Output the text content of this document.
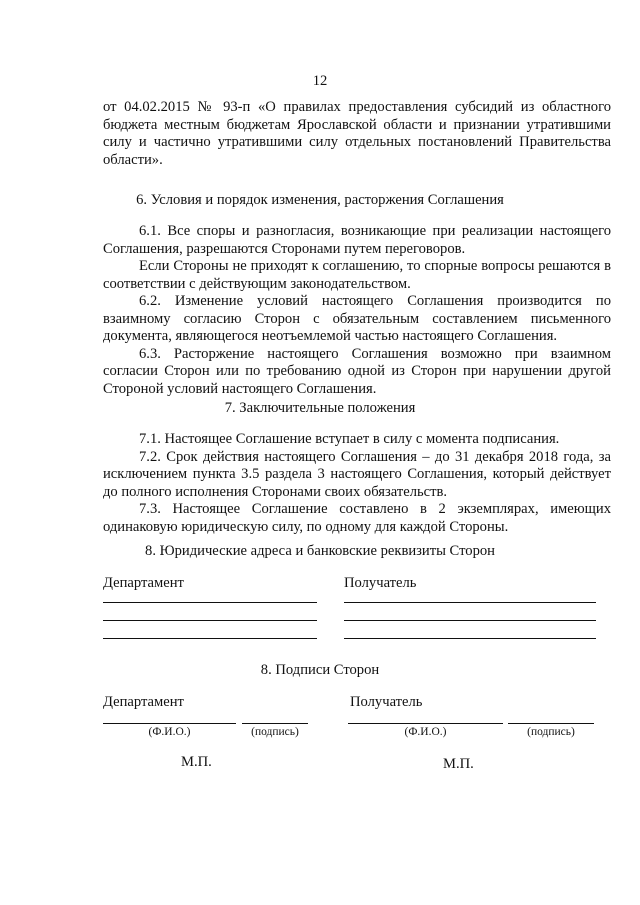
12

от 04.02.2015 № 93-п «О правилах предоставления субсидий из областного бюджета местным бюджетам Ярославской области и признании утратившими силу и частично утратившими силу отдельных постановлений Правительства области».

6. Условия и порядок изменения, расторжения Соглашения

6.1. Все споры и разногласия, возникающие при реализации настоящего Соглашения, разрешаются Сторонами путем переговоров.

Если Стороны не приходят к соглашению, то спорные вопросы решаются в соответствии с действующим законодательством.

6.2. Изменение условий настоящего Соглашения производится по взаимному согласию Сторон с обязательным составлением письменного документа, являющегося неотъемлемой частью настоящего Соглашения.

6.3. Расторжение настоящего Соглашения возможно при взаимном согласии Сторон или по требованию одной из Сторон при нарушении другой Стороной условий настоящего Соглашения.

7. Заключительные положения

7.1. Настоящее Соглашение вступает в силу с момента подписания.

7.2. Срок действия настоящего Соглашения – до 31 декабря 2018 года, за исключением пункта 3.5 раздела 3 настоящего Соглашения, который действует до полного исполнения Сторонами своих обязательств.

7.3. Настоящее Соглашение составлено в 2 экземплярах, имеющих одинаковую юридическую силу, по одному для каждой Стороны.

8. Юридические адреса и банковские реквизиты Сторон
Департамент	Получатель
8. Подписи Сторон
Департамент	Получатель
(Ф.И.О.)	(подпись)	(Ф.И.О.)	(подпись)
М.П.	М.П.
